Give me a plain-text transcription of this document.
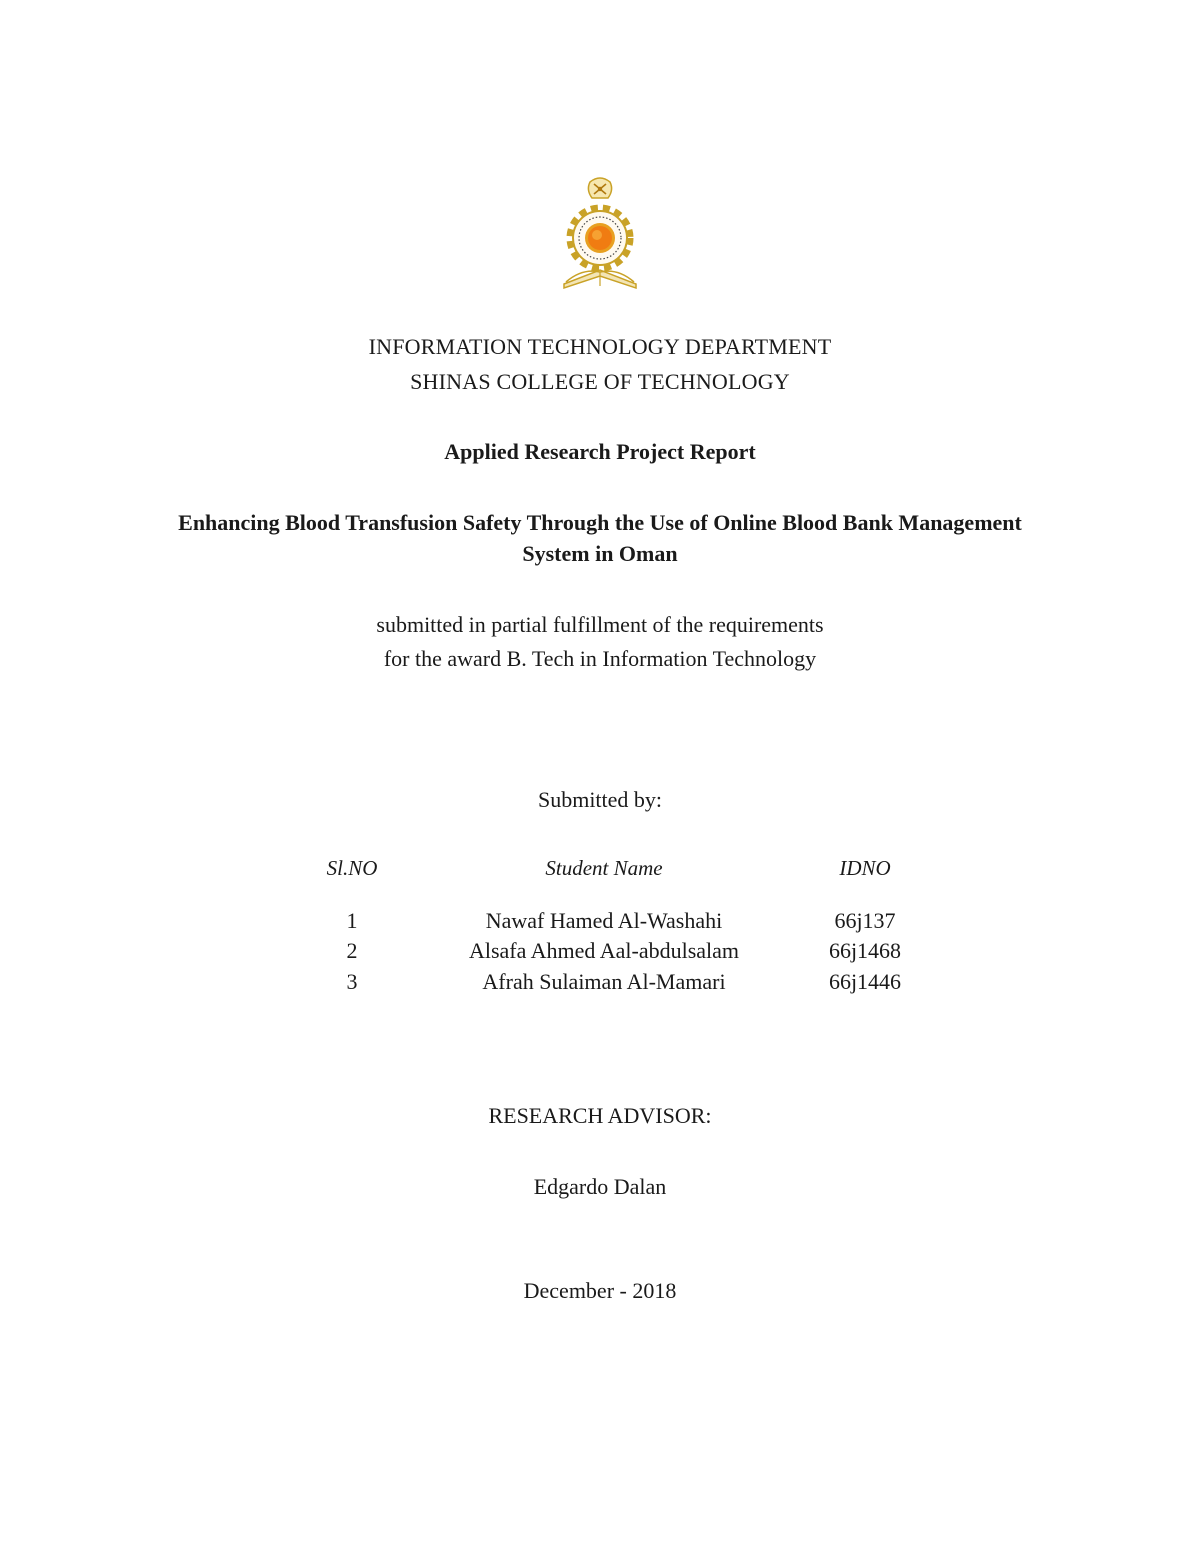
INFORMATION TECHNOLOGY DEPARTMENT
SHINAS COLLEGE OF TECHNOLOGY
Applied Research Project Report
Enhancing Blood Transfusion Safety Through the Use of Online Blood Bank Management
System in Oman
submitted in partial fulfillment of the requirements
for the award B. Tech in Information Technology
Submitted by:
Sl.NO	Student Name	IDNO
1	Nawaf Hamed Al-Washahi	66j137
2	Alsafa Ahmed Aal-abdulsalam	66j1468
3	Afrah Sulaiman Al-Mamari	66j1446
RESEARCH ADVISOR:
Edgardo Dalan
December - 2018
